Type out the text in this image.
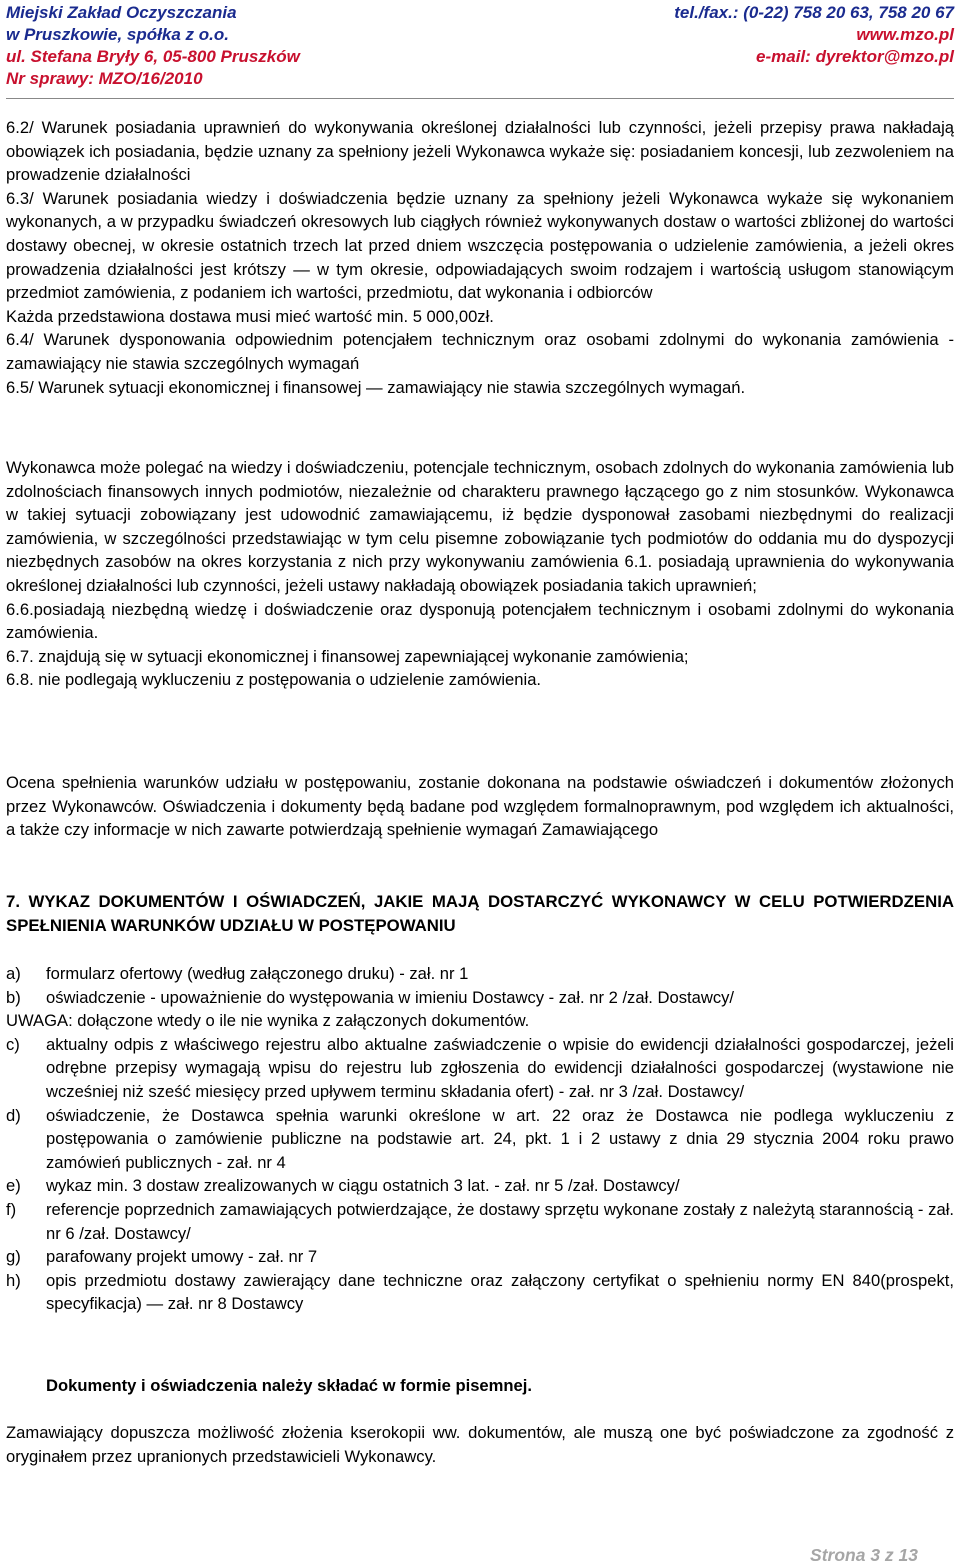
Miejski Zakład Oczyszczania	tel./fax.: (0-22) 758 20 63, 758 20 67
w Pruszkowie, spółka z o.o.	www.mzo.pl
ul. Stefana Bryły 6, 05-800 Pruszków	e-mail: dyrektor@mzo.pl
Nr sprawy: MZO/16/2010

6.2/ Warunek posiadania uprawnień do wykonywania określonej działalności lub czynności, jeżeli przepisy prawa nakładają obowiązek ich posiadania, będzie uznany za spełniony jeżeli Wykonawca wykaże się: posiadaniem koncesji, lub zezwoleniem na prowadzenie działalności

6.3/ Warunek posiadania wiedzy i doświadczenia będzie uznany za spełniony jeżeli Wykonawca wykaże się wykonaniem wykonanych, a w przypadku świadczeń okresowych lub ciągłych również wykonywanych dostaw o wartości zbliżonej do wartości dostawy obecnej, w okresie ostatnich trzech lat przed dniem wszczęcia postępowania o udzielenie zamówienia, a jeżeli okres prowadzenia działalności jest krótszy — w tym okresie, odpowiadających swoim rodzajem i wartością usługom stanowiącym przedmiot zamówienia, z podaniem ich wartości, przedmiotu, dat wykonania i odbiorców

Każda przedstawiona dostawa musi mieć wartość min. 5 000,00zł.

6.4/ Warunek dysponowania odpowiednim potencjałem technicznym oraz osobami zdolnymi do wykonania zamówienia - zamawiający nie stawia szczególnych wymagań

6.5/ Warunek sytuacji ekonomicznej i finansowej — zamawiający nie stawia szczególnych wymagań.

Wykonawca może polegać na wiedzy i doświadczeniu, potencjale technicznym, osobach zdolnych do wykonania zamówienia lub zdolnościach finansowych innych podmiotów, niezależnie od charakteru prawnego łączącego go z nim stosunków. Wykonawca w takiej sytuacji zobowiązany jest udowodnić zamawiającemu, iż będzie dysponował zasobami niezbędnymi do realizacji zamówienia, w szczególności przedstawiając w tym celu pisemne zobowiązanie tych podmiotów do oddania mu do dyspozycji niezbędnych zasobów na okres korzystania z nich przy wykonywaniu zamówienia 6.1. posiadają uprawnienia do wykonywania określonej działalności lub czynności, jeżeli ustawy nakładają obowiązek posiadania takich uprawnień;

6.6.posiadają niezbędną wiedzę i doświadczenie oraz dysponują potencjałem technicznym i osobami zdolnymi do wykonania zamówienia.

6.7. znajdują się w sytuacji ekonomicznej i finansowej zapewniającej wykonanie zamówienia;

6.8. nie podlegają wykluczeniu z postępowania o udzielenie zamówienia.

Ocena spełnienia warunków udziału w postępowaniu, zostanie dokonana na podstawie oświadczeń i dokumentów złożonych przez Wykonawców. Oświadczenia i dokumenty będą badane pod względem formalnoprawnym, pod względem ich aktualności, a także czy informacje w nich zawarte potwierdzają spełnienie wymagań Zamawiającego

7. WYKAZ DOKUMENTÓW I OŚWIADCZEŃ, JAKIE MAJĄ DOSTARCZYĆ WYKONAWCY W CELU POTWIERDZENIA SPEŁNIENIA WARUNKÓW UDZIAŁU W POSTĘPOWANIU

a) formularz ofertowy (według załączonego druku) - zał. nr 1
b) oświadczenie - upoważnienie do występowania w imieniu Dostawcy - zał. nr 2 /zał. Dostawcy/

UWAGA: dołączone wtedy o ile nie wynika z załączonych dokumentów.

c) aktualny odpis z właściwego rejestru albo aktualne zaświadczenie o wpisie do ewidencji działalności gospodarczej, jeżeli odrębne przepisy wymagają wpisu do rejestru lub zgłoszenia do ewidencji działalności gospodarczej (wystawione nie wcześniej niż sześć miesięcy przed upływem terminu składania ofert) - zał. nr 3 /zał. Dostawcy/
d) oświadczenie, że Dostawca spełnia warunki określone w art. 22 oraz że Dostawca nie podlega wykluczeniu z postępowania o zamówienie publiczne na podstawie art. 24, pkt. 1 i 2 ustawy z dnia 29 stycznia 2004 roku prawo zamówień publicznych - zał. nr 4
e) wykaz min. 3 dostaw zrealizowanych w ciągu ostatnich 3 lat. - zał. nr 5 /zał. Dostawcy/
f) referencje poprzednich zamawiających potwierdzające, że dostawy sprzętu wykonane zostały z należytą starannością - zał. nr 6 /zał. Dostawcy/
g) parafowany projekt umowy - zał. nr 7
h) opis przedmiotu dostawy zawierający dane techniczne oraz załączony certyfikat o spełnieniu normy EN 840(prospekt, specyfikacja) — zał. nr 8 Dostawcy

Dokumenty i oświadczenia należy składać w formie pisemnej.

Zamawiający dopuszcza możliwość złożenia kserokopii ww. dokumentów, ale muszą one być poświadczone za zgodność z oryginałem przez upranionych przedstawicieli Wykonawcy.

Strona 3 z 13
